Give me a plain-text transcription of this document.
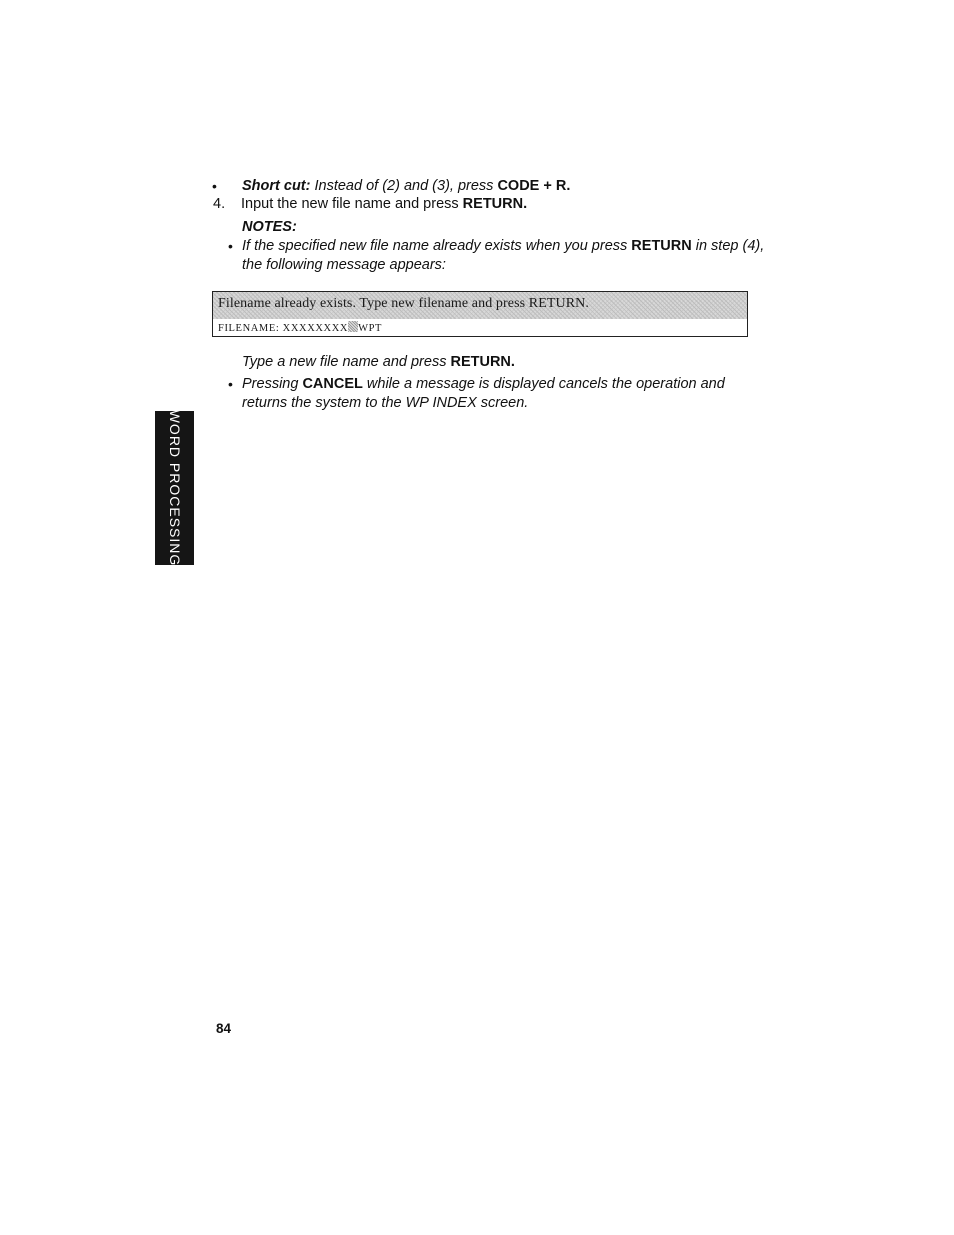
• Short cut: Instead of (2) and (3), press CODE + R.
4. Input the new file name and press RETURN.
NOTES:
• If the specified new file name already exists when you press RETURN in step (4),
the following message appears:
Filename already exists. Type new filename and press RETURN.
FILENAME: XXXXXXXX WPT
Type a new file name and press RETURN.
• Pressing CANCEL while a message is displayed cancels the operation and
returns the system to the WP INDEX screen.
WORD PROCESSING
84
